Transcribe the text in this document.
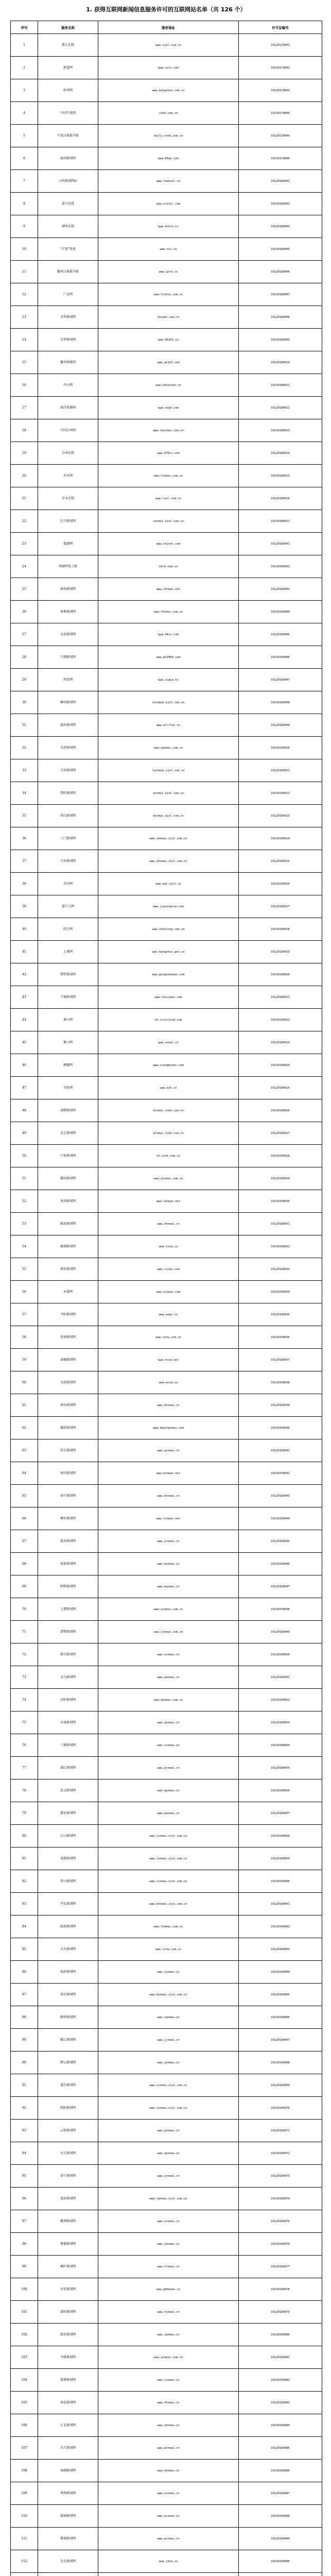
1. 获得互联网新闻信息服务许可的互联网站名单（共 126 个）
序号	服务名称	服务地址	许可证编号
1	浙江在线	www.zjol.com.cn	33120170001
2	新蓝网	www.cztv.com	33120170002
3	杭州网	www.hangzhou.com.cn	33120170003
4	中国宁波网	cnnb.com.cn	33120170004
5	宁波日报数字报	daily.cnnb.com.cn	33120170005
6	温州新闻网	www.66wz.com	33120170006
7	小时新闻网站	www.thehour.cn	33120180001
8	嘉兴在线	www.cnjxol.com	33120180002
9	湖州在线	www.hoolo.tv	33120180003
10	“宁波”电视	www.ntv.cn	33120180005
11	衢州日报数字报	www.qzrb.cn	33120180006
12	广众网	www.lishui.com.cn	33120180007
13	金华新闻网	jhnews.com.cn	33120180008
14	金华新闻网	www.96331.cn	33120180009
15	衢州传媒网	www.qz123.com	33120180010
16	丹山网	www.zhoushan.cn	33120180011
17	瑞洋资源网	www.nzgd.com	33120180012
18	中国台州网	www.taizhou.com.cn	33120180013
19	台州在线	www.576tv.com	33120180014
20	星木网	www.lsnews.com.cn	33120180015
21	星木在线	www.lsol.com.cn	33120180016
22	长兴新闻网	cxnews.zjol.com.cn	33120180017
23	嘉湖网	www.nhjnet.com	33120190001
24	西湖明电子报	xhrb.com.cn	33120190002
25	镇海新闻网	www.zhnews.net	33120190003
26	奉都新闻网	www.fhnews.com.cn	33120190004
27	文武新闻网	www.94sz.com	33120190005
28	平湖新闻网	www.ph2009.com	33120190006
29	西瓜网	www.xigua.tv	33120190007
30	嵊州新闻网	szsnews.zjol.com.cn	33120190008
31	温岭新闻网	www.wlrrtat.cn	33120190009
32	乐清新闻网	www.yqnews.com.cn	33120190010
33	玉环新闻网	lyxnews.zjol.com.cn	33120190011
34	普陀新闻网	ptnews.zjol.com.cn	33120190012
35	岱山新闻网	dsnews.zjol.com.cn	33120190013
36	三门新闻网	www.smnews.zjol.com.cn	33120190014
37	玉环新闻网	www.yhnews.zjol.com.cn	33120190015
38	青田网	www.qqt.zjol.cn	33120190016
39	嘉兴人网	www.jiaxingren.com	33120190017
40	绍兴网	www.shaoxing.com.cn	33120190018
41	上城网	www.hangzhou.gov.cn	33120190019
42	拱墅新闻网	www.gongshunews.com	33120190020
43	下城新闻网	www.hzxcnews.com	33120190021
44	萧山网	xh.cctvcloud.com	33120190022
45	象山网	www.xsnet.cn	33120190023
46	湘湖网	www.xianghunet.com	33120190024
47	余杭网	www.eyh.cn	33120190025
48	海曙新闻网	hsnews.cnnb.com.cn	33120190026
49	北仑新闻网	blnews.cnnb.com.cn	33120190027
50	宁海新闻网	nh.cnnb.com.cn	33120190028
51	鄞州新闻网	www.yznews.com.cn	33120190029
52	龙湾新闻网	www.lwnews.net	33120190030
53	瓯海新闻网	www.ohnews.cn	33120190031
54	鹿城新闻网	www.lcxw.cn	33120190032
55	瑞安新闻网	www.ruian.com	33120190033
56	永嘉网	www.yjnews.com	33120190034
57	平阳新闻网	www.wzpy.cn	33120190035
58	苍南新闻网	www.cnxw.com.cn	33120190036
59	泰顺新闻网	www.tsxw.net	33120190037
60	文成新闻网	www.wcxw.cn	33120190038
61	洞头新闻网	www.dtnews.cn	33120190039
62	德清新闻网	www.deqingnews.com	33120190040
63	安吉新闻网	www.ajnews.cn	33120190041
64	南浔新闻网	www.nxnews.net	33120190042
65	海宁新闻网	www.hnnews.cn	33120190043
66	桐乡新闻网	www.txnews.net	33120190044
67	嘉善新闻网	www.jsnews.cn	33120190045
68	海盐新闻网	www.hynews.cn	33120190046
69	柯桥新闻网	www.kqnews.cn	33120190047
70	上虞新闻网	www.synews.com.cn	33120190048
71	诸暨新闻网	www.zjnews.com.cn	33120190049
72	新昌新闻网	www.xcnews.cn	33120190050
73	义乌新闻网	www.ywnews.cn	33120190051
74	东阳新闻网	www.dynews.com.cn	33120190052
75	永康新闻网	www.yknews.cn	33120190053
76	兰溪新闻网	www.lxnews.cn	33120190054
77	浦江新闻网	www.pjnews.cn	33120190055
78	武义新闻网	www.wynews.cn	33120190056
79	磐安新闻网	www.panews.cn	33120190057
80	江山新闻网	www.jsnews.zjol.com.cn	33120190058
81	龙游新闻网	www.lynews.zjol.com.cn	33120190059
82	常山新闻网	www.csnews.zjol.com.cn	33120190060
83	开化新闻网	www.khnews.zjol.com.cn	33120190061
84	临海新闻网	www.lhnews.com.cn	33120190062
85	天台新闻网	www.ttxw.com.cn	33120190063
86	仙居新闻网	www.xjnews.cn	33120190064
87	黄岩新闻网	www.hynews.zjol.com.cn	33120190065
88	路桥新闻网	www.lqnews.cn	33120190066
89	椒江新闻网	www.jjnews.cn	33120190067
90	缙云新闻网	www.jynews.cn	33120190068
91	遂昌新闻网	www.scnews.zjol.com.cn	33120190069
92	松阳新闻网	www.synews.zjol.com.cn	33120190070
93	云和新闻网	www.yhnews.cn	33120190071
94	庆元新闻网	www.qynews.cn	33120190072
95	景宁新闻网	www.jnnews.cn	33120190073
96	龙泉新闻网	www.lqnews.zjol.com.cn	33120190074
97	嵊泗新闻网	www.ssnews.cn	33120190075
98	建德新闻网	www.jdnews.cn	33120190076
99	桐庐新闻网	www.tlnews.cn	33120190077
100	淳安新闻网	www.qdhnews.cn	33120190078
101	富阳新闻网	www.fynews.cn	33120190079
102	临安新闻网	www.lanews.cn	33120190080
103	余姚新闻网	www.yynews.com.cn	33120190081
104	慈溪新闻网	www.cxnews.cn	33120190082
105	奉化新闻网	www.fhnews.cn	33120190083
106	江北新闻网	www.jbnews.cn	33120190084
107	吴兴新闻网	www.wxnews.cn	33120190085
108	南湖新闻网	www.nhnews.cn	33120190086
109	秀洲新闻网	www.xznews.cn	33120190087
110	越城新闻网	www.ycnews.cn	33120190088
111	婺城新闻网	www.wcnews.cn	33120190089
112	金东新闻网	www.jdxw.cn	33120190090
